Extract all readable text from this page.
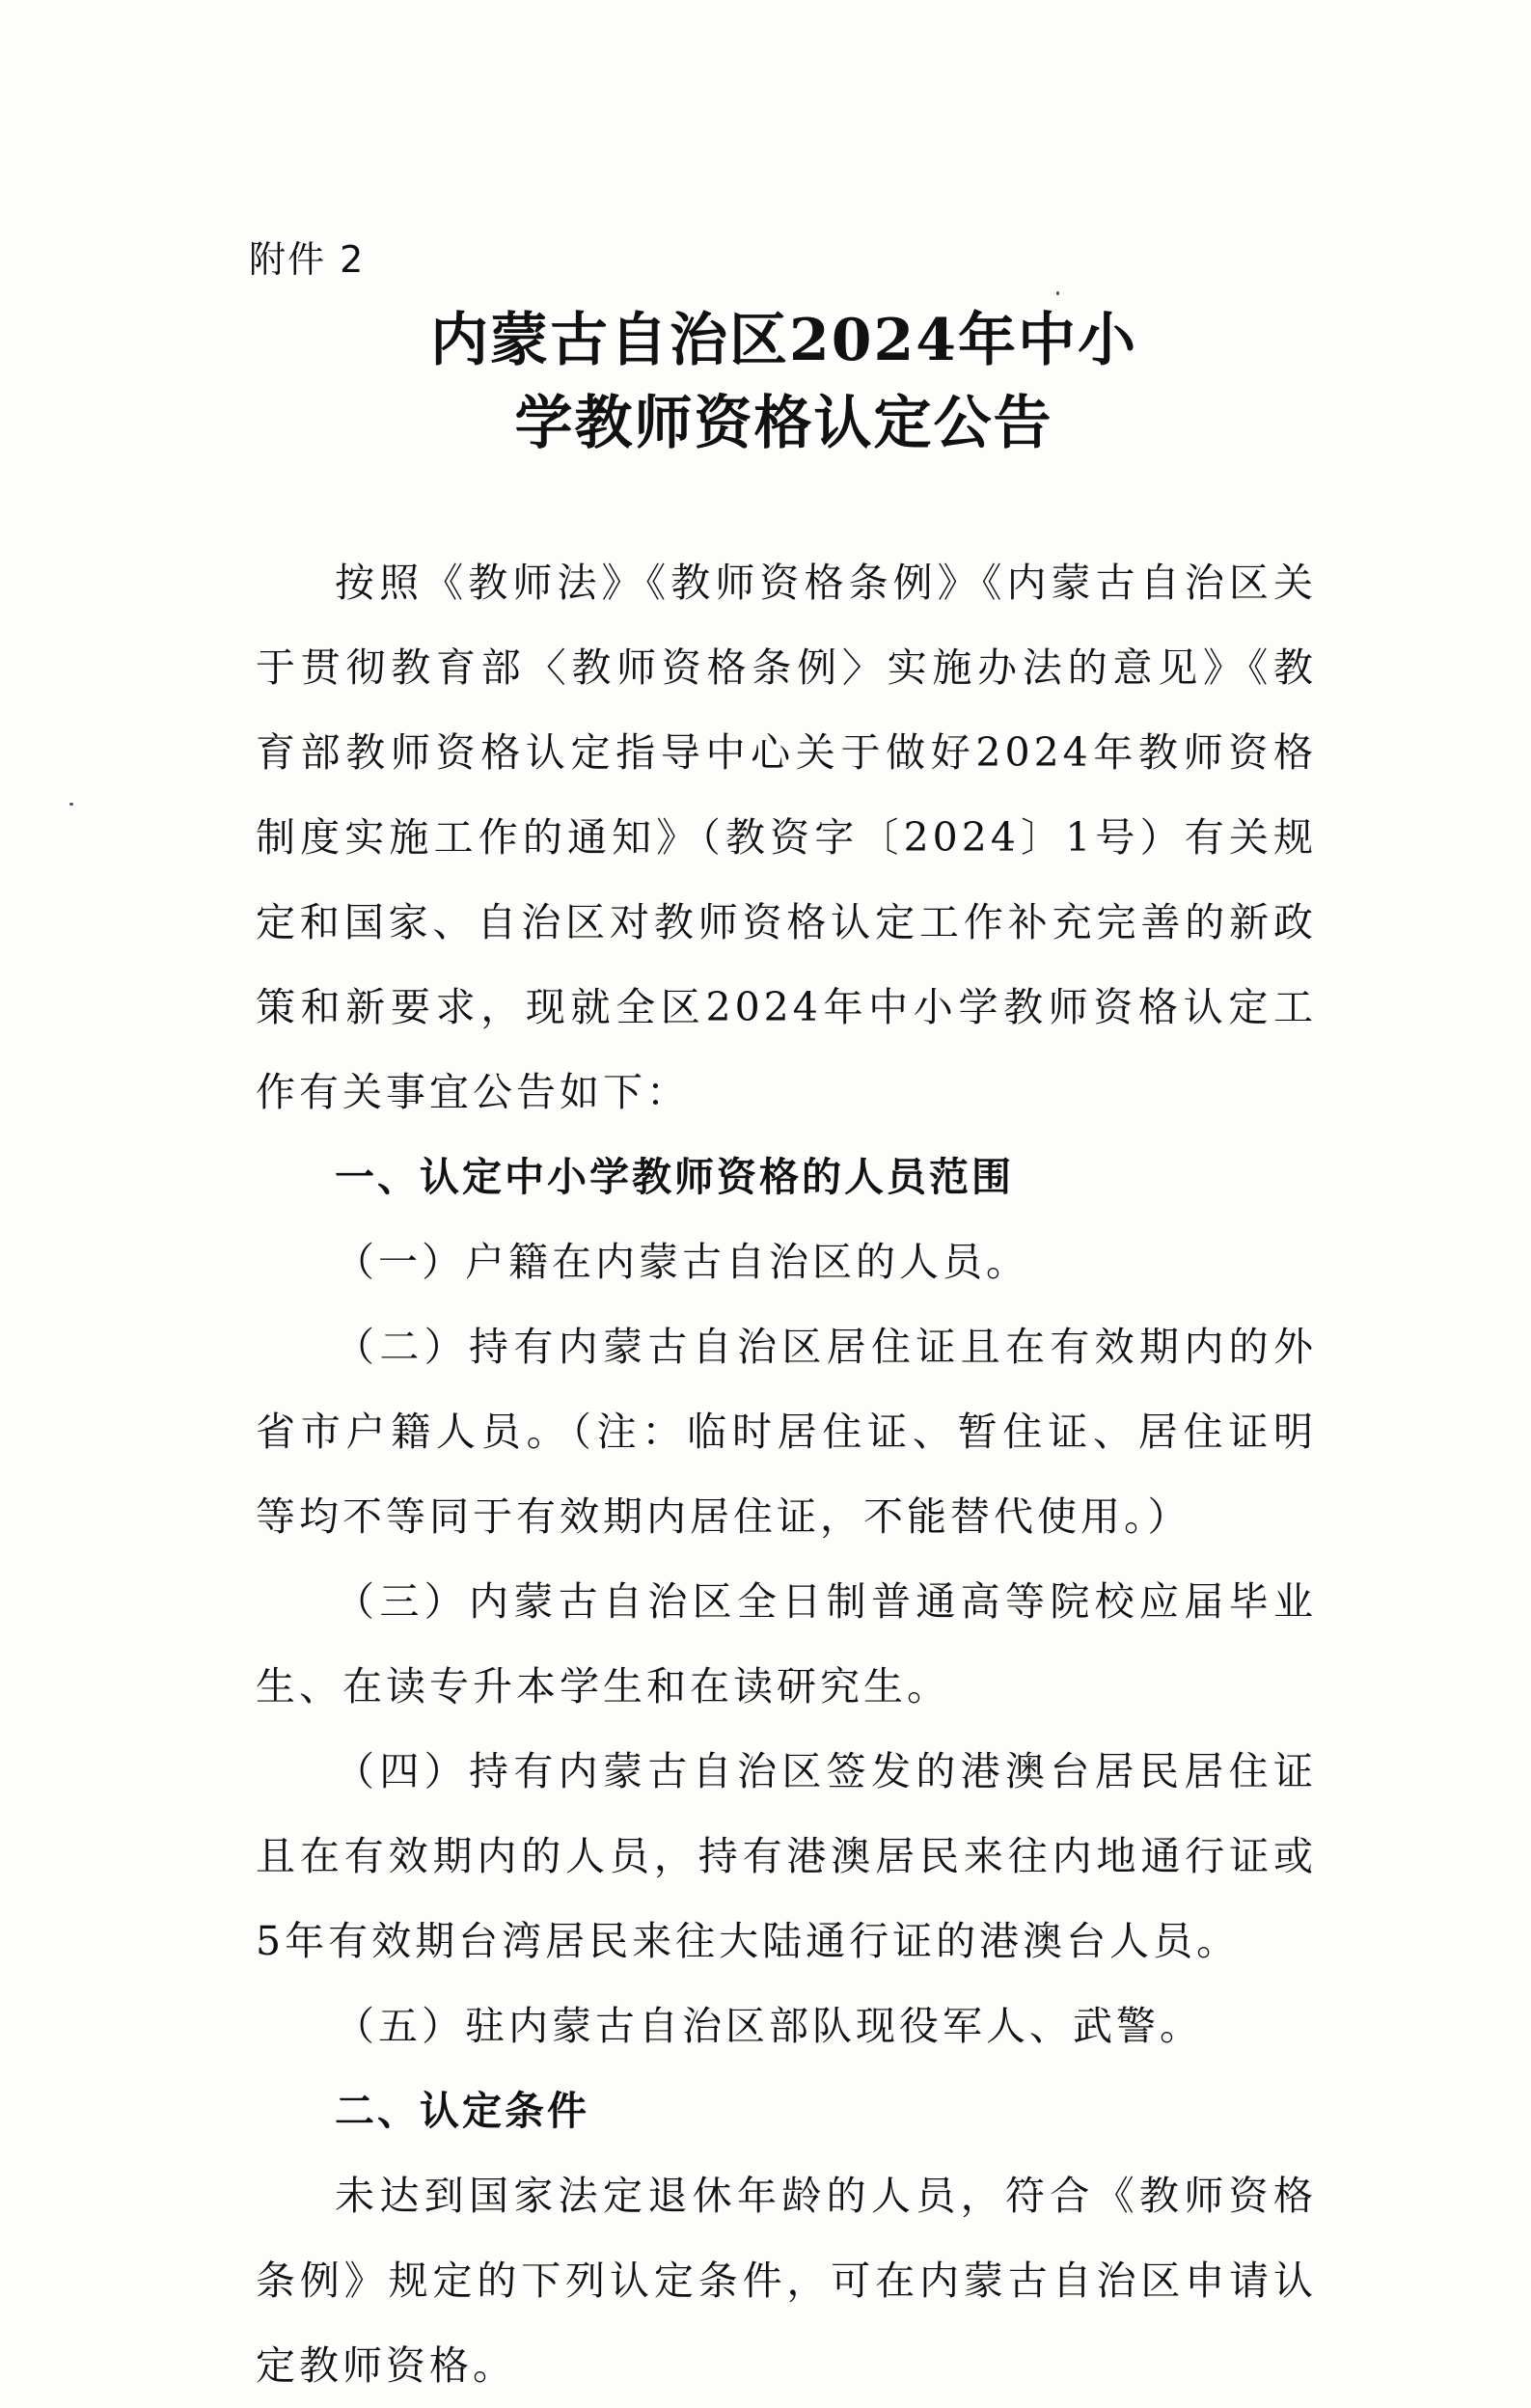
附件 2
内蒙古自治区2024年中小
学教师资格认定公告

按照《教师法》《教师资格条例》《内蒙古自治区关于贯彻教育部〈教师资格条例〉实施办法的意见》《教育部教师资格认定指导中心关于做好2024年教师资格制度实施工作的通知》（教资字〔2024〕1号）有关规定和国家、自治区对教师资格认定工作补充完善的新政策和新要求，现就全区2024年中小学教师资格认定工作有关事宜公告如下：

一、认定中小学教师资格的人员范围

（一）户籍在内蒙古自治区的人员。

（二）持有内蒙古自治区居住证且在有效期内的外省市户籍人员。（注：临时居住证、暂住证、居住证明等均不等同于有效期内居住证，不能替代使用。）

（三）内蒙古自治区全日制普通高等院校应届毕业生、在读专升本学生和在读研究生。

（四）持有内蒙古自治区签发的港澳台居民居住证且在有效期内的人员，持有港澳居民来往内地通行证或5年有效期台湾居民来往大陆通行证的港澳台人员。

（五）驻内蒙古自治区部队现役军人、武警。

二、认定条件

未达到国家法定退休年龄的人员，符合《教师资格条例》规定的下列认定条件，可在内蒙古自治区申请认定教师资格。
